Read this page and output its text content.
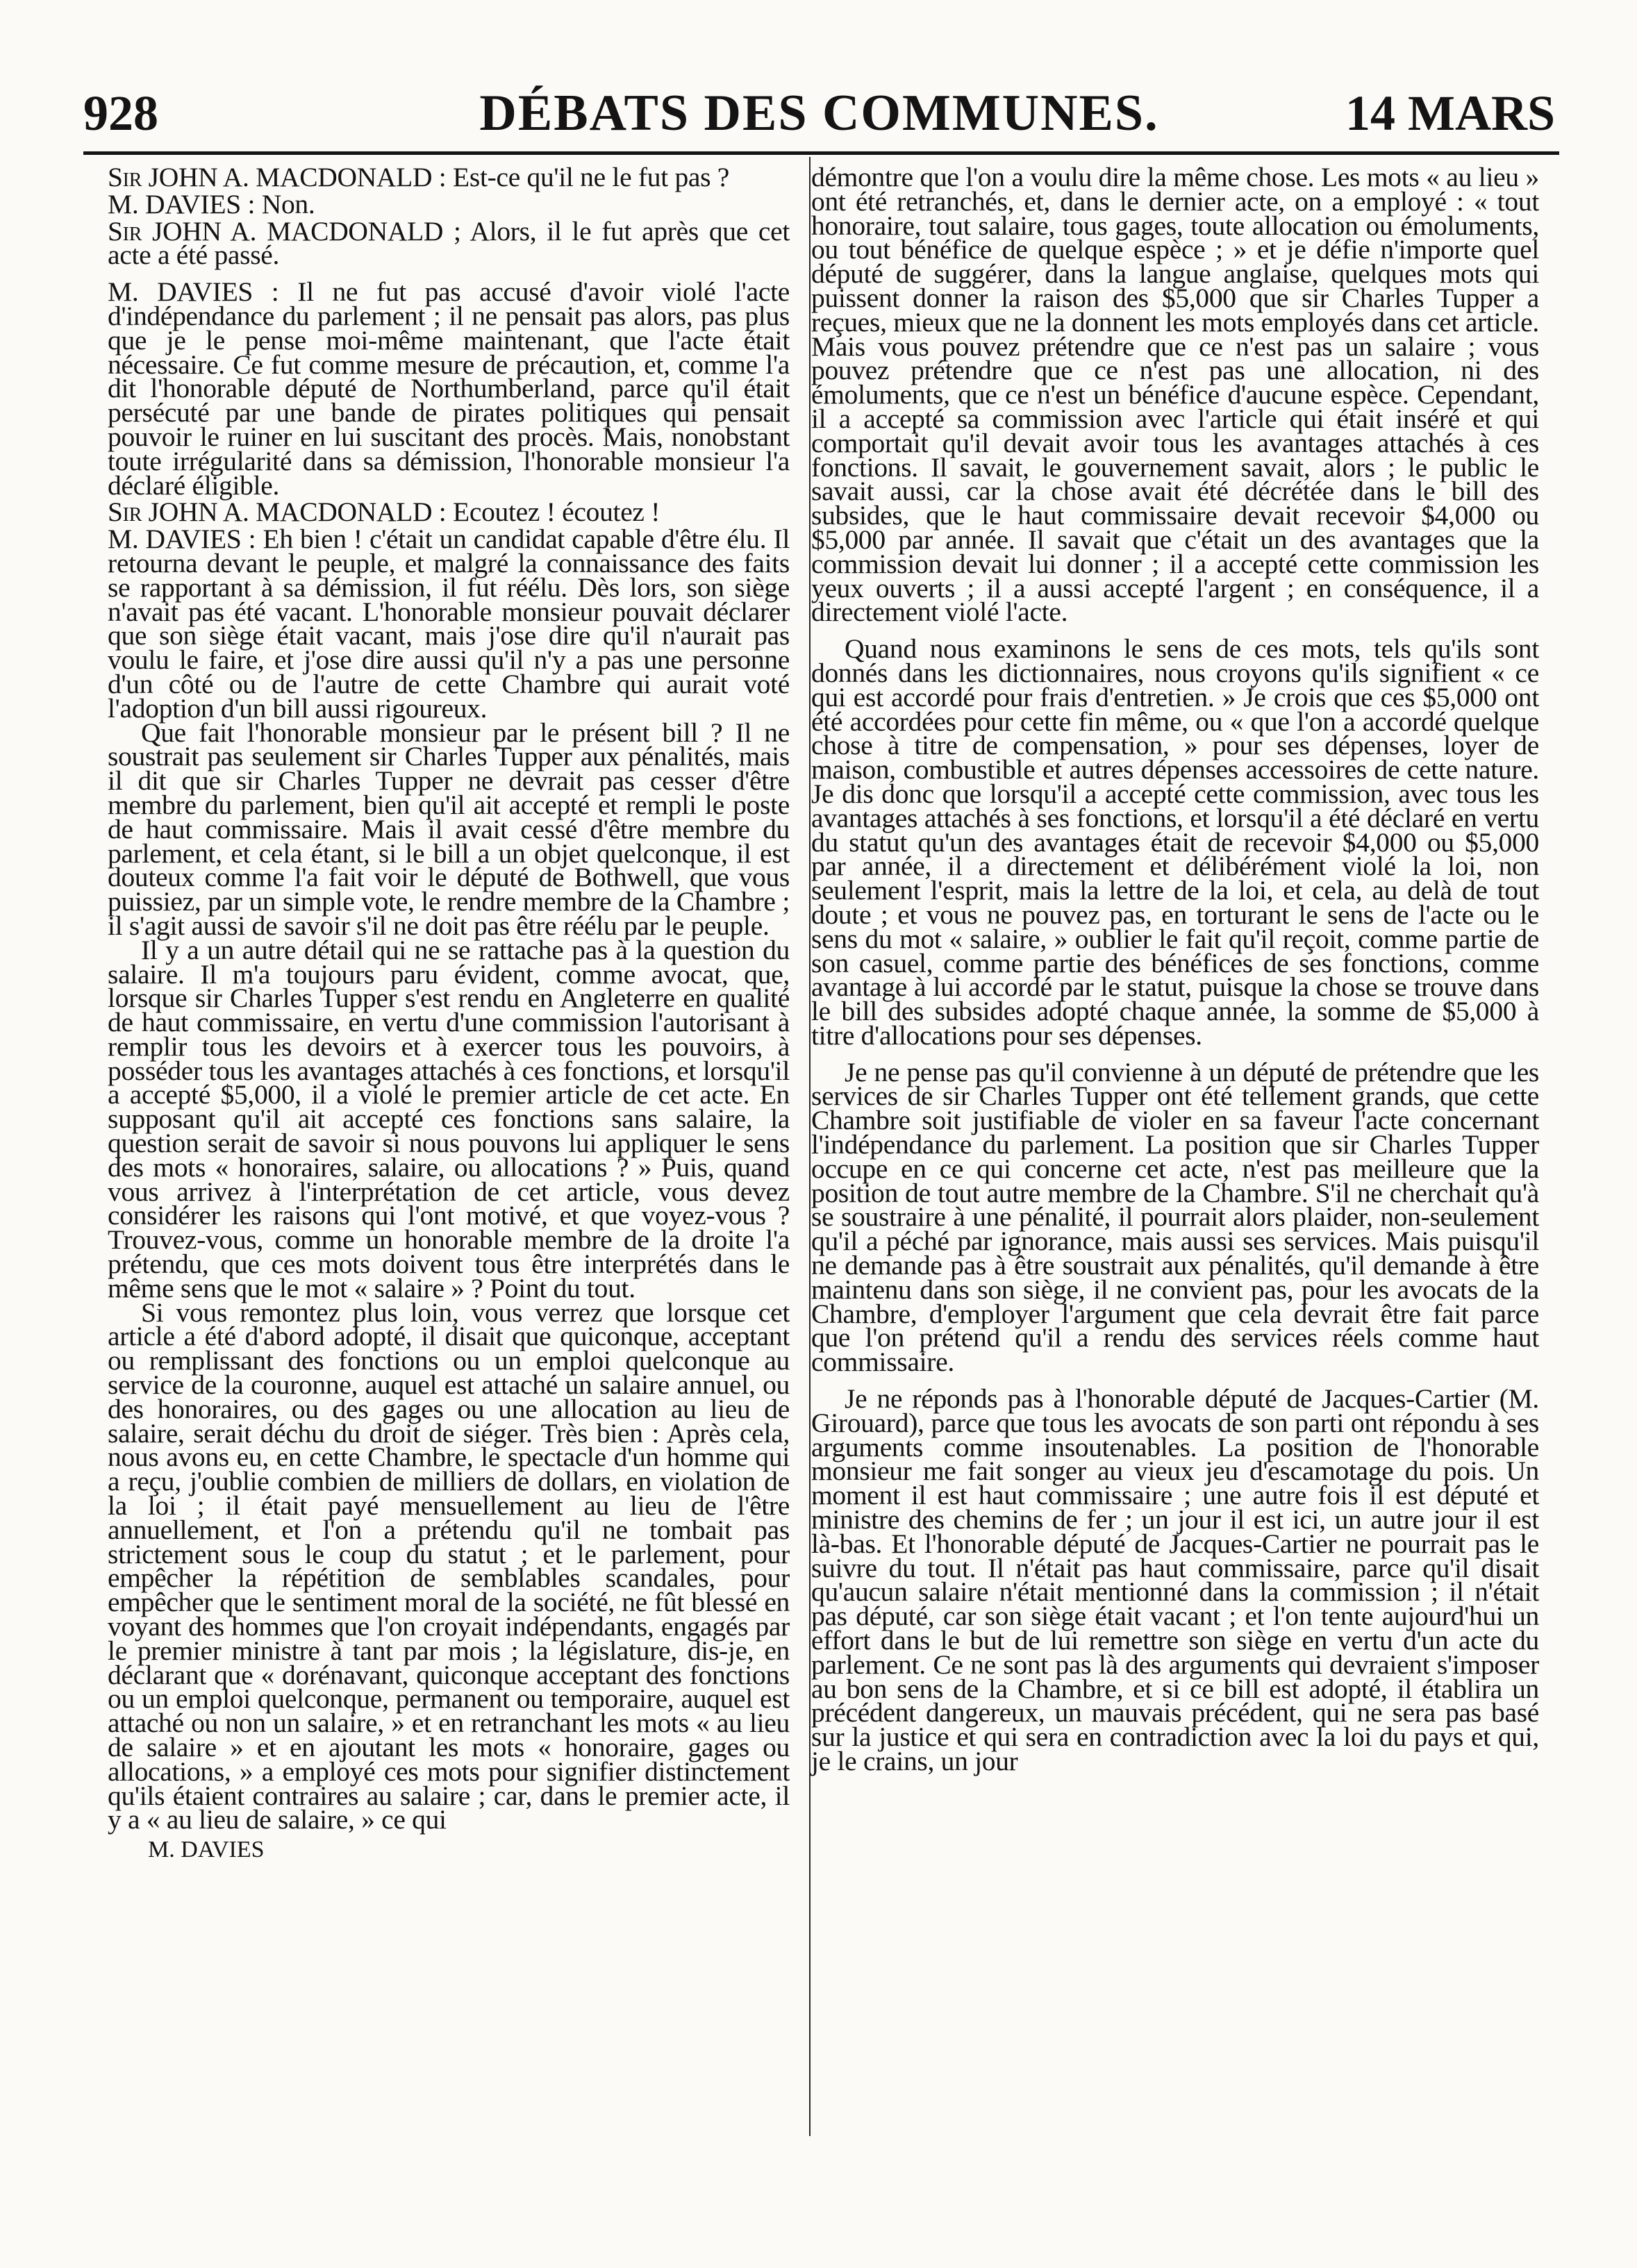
928	DÉBATS DES COMMUNES.	14 MARS

Sir JOHN A. MACDONALD : Est-ce qu'il ne le fut pas ?

M. DAVIES : Non.

Sir JOHN A. MACDONALD ; Alors, il le fut après que cet acte a été passé.

M. DAVIES : Il ne fut pas accusé d'avoir violé l'acte d'indépendance du parlement ; il ne pensait pas alors, pas plus que je le pense moi-même maintenant, que l'acte était nécessaire. Ce fut comme mesure de précaution, et, comme l'a dit l'honorable député de Northumberland, parce qu'il était persécuté par une bande de pirates politiques qui pensait pouvoir le ruiner en lui suscitant des procès. Mais, nonobstant toute irrégularité dans sa démission, l'honorable monsieur l'a déclaré éligible.

Sir JOHN A. MACDONALD : Ecoutez ! écoutez !

M. DAVIES : Eh bien ! c'était un candidat capable d'être élu. Il retourna devant le peuple, et malgré la connaissance des faits se rapportant à sa démission, il fut réélu. Dès lors, son siège n'avait pas été vacant. L'honorable monsieur pouvait déclarer que son siège était vacant, mais j'ose dire qu'il n'aurait pas voulu le faire, et j'ose dire aussi qu'il n'y a pas une personne d'un côté ou de l'autre de cette Chambre qui aurait voté l'adoption d'un bill aussi rigoureux.

Que fait l'honorable monsieur par le présent bill ? Il ne soustrait pas seulement sir Charles Tupper aux pénalités, mais il dit que sir Charles Tupper ne devrait pas cesser d'être membre du parlement, bien qu'il ait accepté et rempli le poste de haut commissaire. Mais il avait cessé d'être membre du parlement, et cela étant, si le bill a un objet quelconque, il est douteux comme l'a fait voir le député de Bothwell, que vous puissiez, par un simple vote, le rendre membre de la Chambre ; il s'agit aussi de savoir s'il ne doit pas être réélu par le peuple.

Il y a un autre détail qui ne se rattache pas à la question du salaire. Il m'a toujours paru évident, comme avocat, que, lorsque sir Charles Tupper s'est rendu en Angleterre en qualité de haut commissaire, en vertu d'une commission l'autorisant à remplir tous les devoirs et à exercer tous les pouvoirs, à posséder tous les avantages attachés à ces fonctions, et lorsqu'il a accepté $5,000, il a violé le premier article de cet acte. En supposant qu'il ait accepté ces fonctions sans salaire, la question serait de savoir si nous pouvons lui appliquer le sens des mots « honoraires, salaire, ou allocations ? » Puis, quand vous arrivez à l'interprétation de cet article, vous devez considérer les raisons qui l'ont motivé, et que voyez-vous ? Trouvez-vous, comme un honorable membre de la droite l'a prétendu, que ces mots doivent tous être interprétés dans le même sens que le mot « salaire » ? Point du tout.

Si vous remontez plus loin, vous verrez que lorsque cet article a été d'abord adopté, il disait que quiconque, acceptant ou remplissant des fonctions ou un emploi quelconque au service de la couronne, auquel est attaché un salaire annuel, ou des honoraires, ou des gages ou une allocation au lieu de salaire, serait déchu du droit de siéger. Très bien : Après cela, nous avons eu, en cette Chambre, le spectacle d'un homme qui a reçu, j'oublie combien de milliers de dollars, en violation de la loi ; il était payé mensuellement au lieu de l'être annuellement, et l'on a prétendu qu'il ne tombait pas strictement sous le coup du statut ; et le parlement, pour empêcher la répétition de semblables scandales, pour empêcher que le sentiment moral de la société, ne fût blessé en voyant des hommes que l'on croyait indépendants, engagés par le premier ministre à tant par mois ; la législature, dis-je, en déclarant que « dorénavant, quiconque acceptant des fonctions ou un emploi quelconque, permanent ou temporaire, auquel est attaché ou non un salaire, » et en retranchant les mots « au lieu de salaire » et en ajoutant les mots « honoraire, gages ou allocations, » a employé ces mots pour signifier distinctement qu'ils étaient contraires au salaire ; car, dans le premier acte, il y a « au lieu de salaire, » ce qui

M. DAVIES

démontre que l'on a voulu dire la même chose. Les mots « au lieu » ont été retranchés, et, dans le dernier acte, on a employé : « tout honoraire, tout salaire, tous gages, toute allocation ou émoluments, ou tout bénéfice de quelque espèce ; » et je défie n'importe quel député de suggérer, dans la langue anglaise, quelques mots qui puissent donner la raison des $5,000 que sir Charles Tupper a reçues, mieux que ne la donnent les mots employés dans cet article. Mais vous pouvez prétendre que ce n'est pas un salaire ; vous pouvez prétendre que ce n'est pas une allocation, ni des émoluments, que ce n'est un bénéfice d'aucune espèce. Cependant, il a accepté sa commission avec l'article qui était inséré et qui comportait qu'il devait avoir tous les avantages attachés à ces fonctions. Il savait, le gouvernement savait, alors ; le public le savait aussi, car la chose avait été décrétée dans le bill des subsides, que le haut commissaire devait recevoir $4,000 ou $5,000 par année. Il savait que c'était un des avantages que la commission devait lui donner ; il a accepté cette commission les yeux ouverts ; il a aussi accepté l'argent ; en conséquence, il a directement violé l'acte.

Quand nous examinons le sens de ces mots, tels qu'ils sont donnés dans les dictionnaires, nous croyons qu'ils signifient « ce qui est accordé pour frais d'entretien. » Je crois que ces $5,000 ont été accordées pour cette fin même, ou « que l'on a accordé quelque chose à titre de compensation, » pour ses dépenses, loyer de maison, combustible et autres dépenses accessoires de cette nature. Je dis donc que lorsqu'il a accepté cette commission, avec tous les avantages attachés à ses fonctions, et lorsqu'il a été déclaré en vertu du statut qu'un des avantages était de recevoir $4,000 ou $5,000 par année, il a directement et délibérément violé la loi, non seulement l'esprit, mais la lettre de la loi, et cela, au delà de tout doute ; et vous ne pouvez pas, en torturant le sens de l'acte ou le sens du mot « salaire, » oublier le fait qu'il reçoit, comme partie de son casuel, comme partie des bénéfices de ses fonctions, comme avantage à lui accordé par le statut, puisque la chose se trouve dans le bill des subsides adopté chaque année, la somme de $5,000 à titre d'allocations pour ses dépenses.

Je ne pense pas qu'il convienne à un député de prétendre que les services de sir Charles Tupper ont été tellement grands, que cette Chambre soit justifiable de violer en sa faveur l'acte concernant l'indépendance du parlement. La position que sir Charles Tupper occupe en ce qui concerne cet acte, n'est pas meilleure que la position de tout autre membre de la Chambre. S'il ne cherchait qu'à se soustraire à une pénalité, il pourrait alors plaider, non-seulement qu'il a péché par ignorance, mais aussi ses services. Mais puisqu'il ne demande pas à être soustrait aux pénalités, qu'il demande à être maintenu dans son siège, il ne convient pas, pour les avocats de la Chambre, d'employer l'argument que cela devrait être fait parce que l'on prétend qu'il a rendu des services réels comme haut commissaire.

Je ne réponds pas à l'honorable député de Jacques-Cartier (M. Girouard), parce que tous les avocats de son parti ont répondu à ses arguments comme insoutenables. La position de l'honorable monsieur me fait songer au vieux jeu d'escamotage du pois. Un moment il est haut commissaire ; une autre fois il est député et ministre des chemins de fer ; un jour il est ici, un autre jour il est là-bas. Et l'honorable député de Jacques-Cartier ne pourrait pas le suivre du tout. Il n'était pas haut commissaire, parce qu'il disait qu'aucun salaire n'était mentionné dans la commission ; il n'était pas député, car son siège était vacant ; et l'on tente aujourd'hui un effort dans le but de lui remettre son siège en vertu d'un acte du parlement. Ce ne sont pas là des arguments qui devraient s'imposer au bon sens de la Chambre, et si ce bill est adopté, il établira un précédent dangereux, un mauvais précédent, qui ne sera pas basé sur la justice et qui sera en contradiction avec la loi du pays et qui, je le crains, un jour
